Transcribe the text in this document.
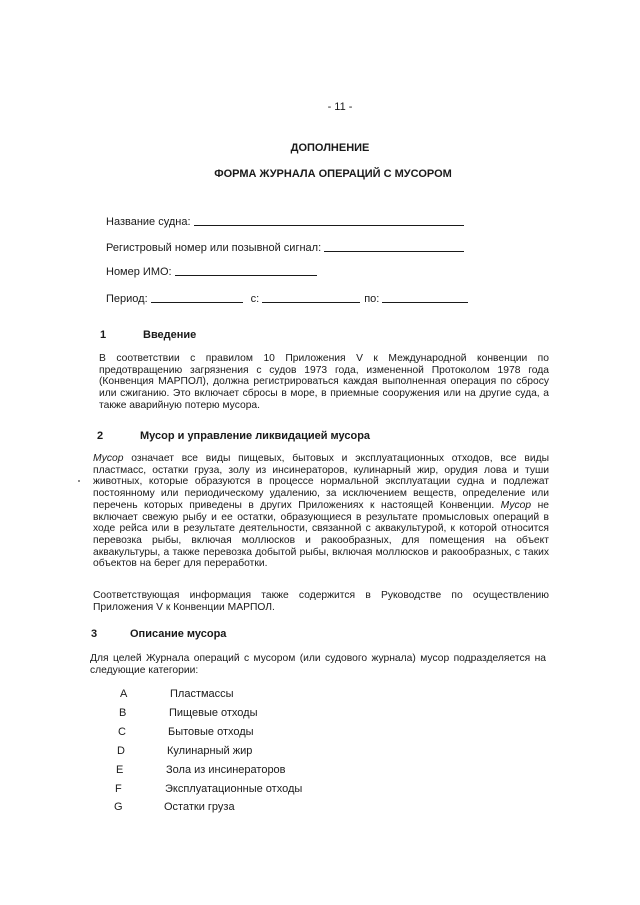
- 11 -
ДОПОЛНЕНИЕ
ФОРМА ЖУРНАЛА ОПЕРАЦИЙ С МУСОРОМ
Название судна:
Регистровый номер или позывной сигнал:
Номер ИМО:
Период:	с:	по:
1	Введение
В соответствии с правилом 10 Приложения V к Международной конвенции по предотвращению загрязнения с судов 1973 года, измененной Протоколом 1978 года (Конвенция МАРПОЛ), должна регистрироваться каждая выполненная операция по сбросу или сжиганию. Это включает сбросы в море, в приемные сооружения или на другие суда, а также аварийную потерю мусора.
2	Мусор и управление ликвидацией мусора
Мусор означает все виды пищевых, бытовых и эксплуатационных отходов, все виды пластмасс, остатки груза, золу из инсинераторов, кулинарный жир, орудия лова и туши животных, которые образуются в процессе нормальной эксплуатации судна и подлежат постоянному или периодическому удалению, за исключением веществ, определение или перечень которых приведены в других Приложениях к настоящей Конвенции. Мусор не включает свежую рыбу и ее остатки, образующиеся в результате промысловых операций в ходе рейса или в результате деятельности, связанной с аквакультурой, к которой относится перевозка рыбы, включая моллюсков и ракообразных, для помещения на объект аквакультуры, а также перевозка добытой рыбы, включая моллюсков и ракообразных, с таких объектов на берег для переработки.
Соответствующая информация также содержится в Руководстве по осуществлению Приложения V к Конвенции МАРПОЛ.
3	Описание мусора
Для целей Журнала операций с мусором (или судового журнала) мусор подразделяется на следующие категории:
A	Пластмассы
B	Пищевые отходы
C	Бытовые отходы
D	Кулинарный жир
E	Зола из инсинераторов
F	Эксплуатационные отходы
G	Остатки груза
